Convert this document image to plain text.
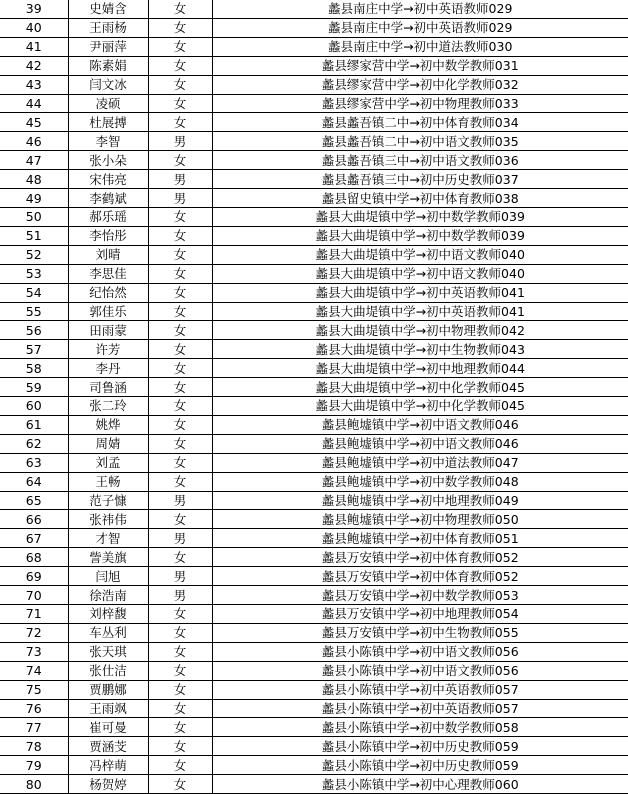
39	史婧含	女	蠡县南庄中学→初中英语教师029
40	王雨杨	女	蠡县南庄中学→初中英语教师029
41	尹丽萍	女	蠡县南庄中学→初中道法教师030
42	陈素娟	女	蠡县缪家营中学→初中数学教师031
43	闫文冰	女	蠡县缪家营中学→初中化学教师032
44	凌硕	女	蠡县缪家营中学→初中物理教师033
45	杜展搏	女	蠡县蠡吾镇二中→初中体育教师034
46	李智	男	蠡县蠡吾镇二中→初中语文教师035
47	张小朵	女	蠡县蠡吾镇三中→初中语文教师036
48	宋伟亮	男	蠡县蠡吾镇三中→初中历史教师037
49	李鹤斌	男	蠡县留史镇中学→初中体育教师038
50	郝乐瑶	女	蠡县大曲堤镇中学→初中数学教师039
51	李怡彤	女	蠡县大曲堤镇中学→初中数学教师039
52	刘晴	女	蠡县大曲堤镇中学→初中语文教师040
53	李思佳	女	蠡县大曲堤镇中学→初中语文教师040
54	纪怡然	女	蠡县大曲堤镇中学→初中英语教师041
55	郭佳乐	女	蠡县大曲堤镇中学→初中英语教师041
56	田雨蒙	女	蠡县大曲堤镇中学→初中物理教师042
57	许芳	女	蠡县大曲堤镇中学→初中生物教师043
58	李丹	女	蠡县大曲堤镇中学→初中地理教师044
59	司鲁涵	女	蠡县大曲堤镇中学→初中化学教师045
60	张二玲	女	蠡县大曲堤镇中学→初中化学教师045
61	姚烨	女	蠡县鲍墟镇中学→初中语文教师046
62	周婧	女	蠡县鲍墟镇中学→初中语文教师046
63	刘孟	女	蠡县鲍墟镇中学→初中道法教师047
64	王畅	女	蠡县鲍墟镇中学→初中数学教师048
65	范子慷	男	蠡县鲍墟镇中学→初中地理教师049
66	张祎伟	女	蠡县鲍墟镇中学→初中物理教师050
67	才智	男	蠡县鲍墟镇中学→初中体育教师051
68	訾美旗	女	蠡县万安镇中学→初中体育教师052
69	闫旭	男	蠡县万安镇中学→初中体育教师052
70	徐浩南	男	蠡县万安镇中学→初中数学教师053
71	刘梓馥	女	蠡县万安镇中学→初中地理教师054
72	车丛利	女	蠡县万安镇中学→初中生物教师055
73	张天琪	女	蠡县小陈镇中学→初中语文教师056
74	张仕洁	女	蠡县小陈镇中学→初中语文教师056
75	贾鹏娜	女	蠡县小陈镇中学→初中英语教师057
76	王雨飒	女	蠡县小陈镇中学→初中英语教师057
77	崔可曼	女	蠡县小陈镇中学→初中数学教师058
78	贾涵芠	女	蠡县小陈镇中学→初中历史教师059
79	冯梓萌	女	蠡县小陈镇中学→初中历史教师059
80	杨贺婷	女	蠡县小陈镇中学→初中心理教师060
